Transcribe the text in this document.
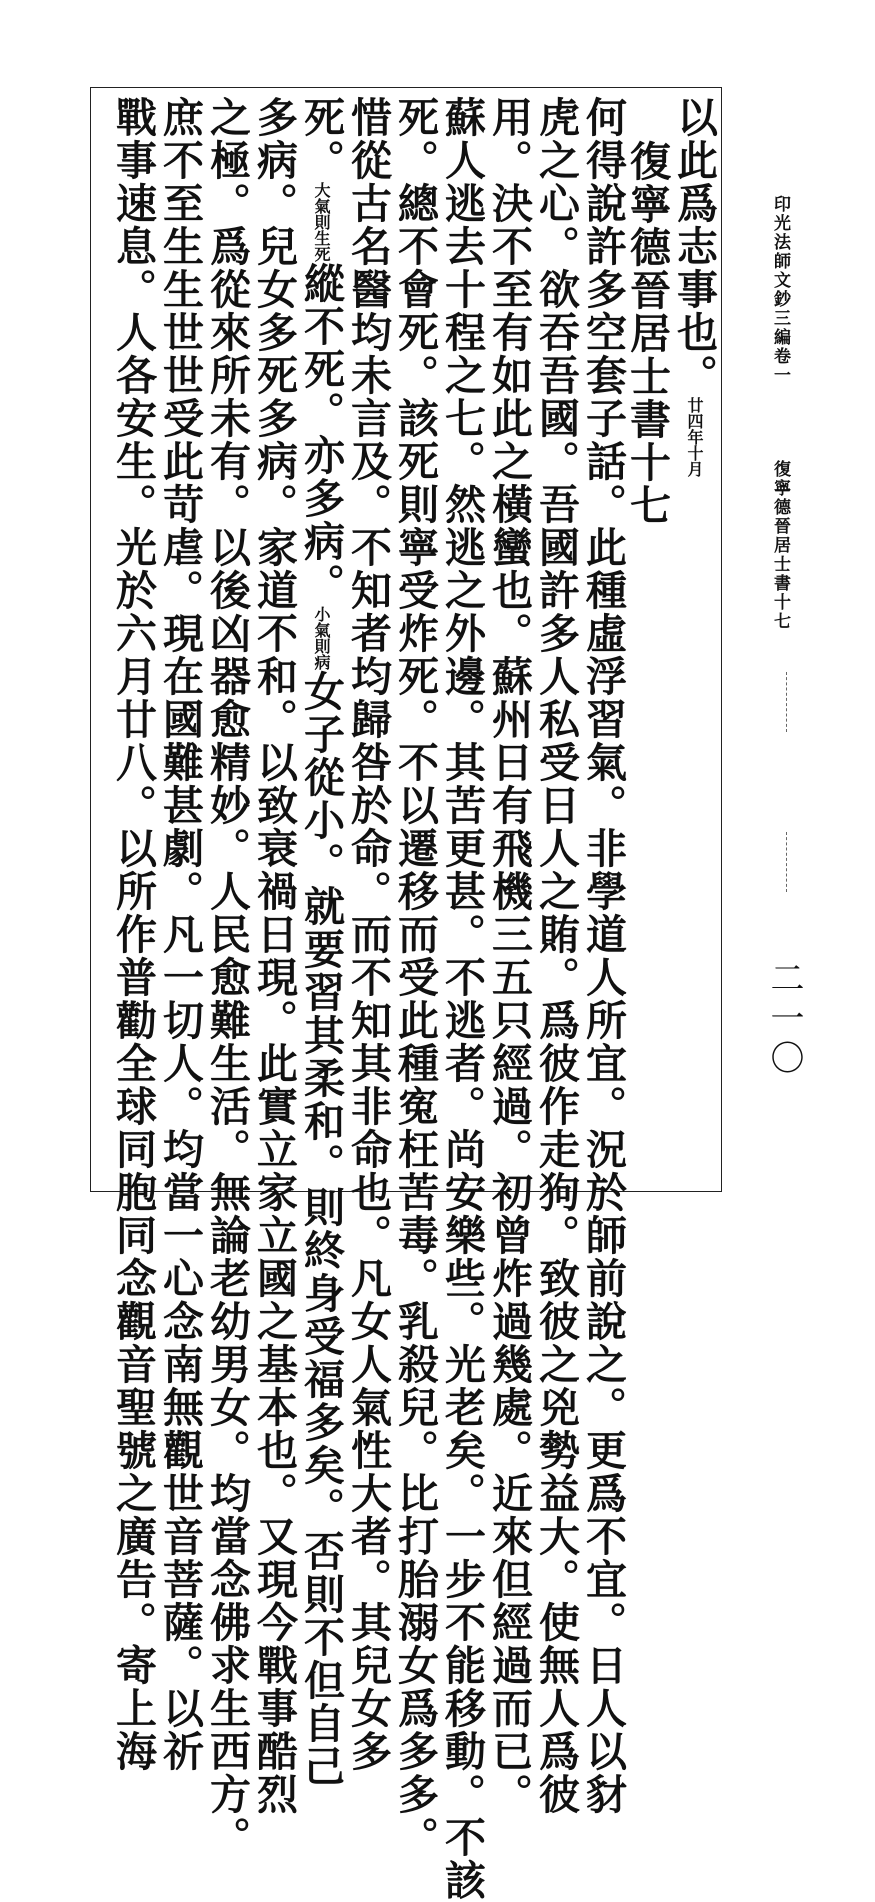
印光法師文鈔三編卷一
復寧德晉居士書十七
二一〇
以此爲志事也。廿四年十月
復寧德晉居士書十七
何得說許多空套子話。此種虛浮習氣。非學道人所宜。況於師前說之。更爲不宜。日人以豺
虎之心。欲吞吾國。吾國許多人私受日人之賄。爲彼作走狗。致彼之兇勢益大。使無人爲彼
用。決不至有如此之橫蠻也。蘇州日有飛機三五只經過。初曾炸過幾處。近來但經過而已。
蘇人逃去十程之七。然逃之外邊。其苦更甚。不逃者。尚安樂些。光老矣。一步不能移動。不該
死。總不會死。該死則寧受炸死。不以遷移而受此種寃枉苦毒。乳殺兒。比打胎溺女爲多多。
惜從古名醫均未言及。不知者均歸咎於命。而不知其非命也。凡女人氣性大者。其兒女多
死。大氣則生死縱不死。亦多病。小氣則病女子從小。就要習其柔和。則終身受福多矣。否則不但自己
多病。兒女多死多病。家道不和。以致衰禍日現。此實立家立國之基本也。又現今戰事酷烈
之極。爲從來所未有。以後凶器愈精妙。人民愈難生活。無論老幼男女。均當念佛求生西方。
庶不至生生世世受此苛虐。現在國難甚劇。凡一切人。均當一心念南無觀世音菩薩。以祈
戰事速息。人各安生。光於六月廿八。以所作普勸全球同胞同念觀音聖號之廣告。寄上海
